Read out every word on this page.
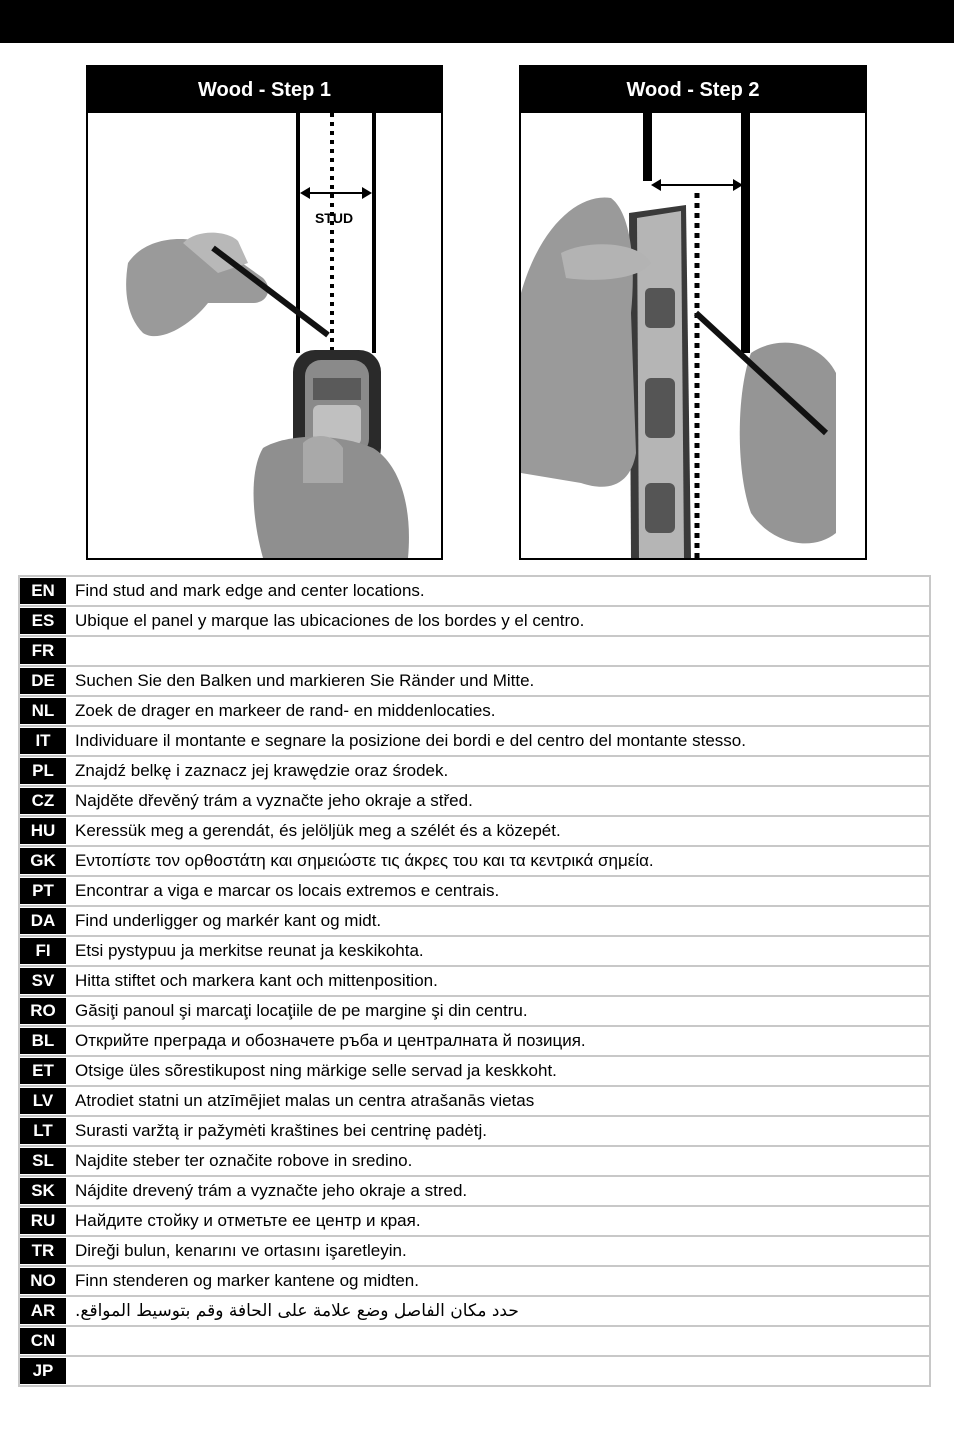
Wood - Step 1
STUD
Wood - Step 2
EN	Find stud and mark edge and center locations.
ES	Ubique el panel y marque las ubicaciones de los bordes y el centro.
FR
DE	Suchen Sie den Balken und markieren Sie Ränder und Mitte.
NL	Zoek de drager en markeer de rand- en middenlocaties.
IT	Individuare il montante e segnare la posizione dei bordi e del centro del montante stesso.
PL	Znajdź belkę i zaznacz jej krawędzie oraz środek.
CZ	Najděte dřevěný trám a vyznačte jeho okraje a střed.
HU	Keressük meg a gerendát, és jelöljük meg a szélét és a közepét.
GK	Εντοπίστε τον ορθοστάτη και σημειώστε τις άκρες του και τα κεντρικά σημεία.
PT	Encontrar a viga e marcar os locais extremos e centrais.
DA	Find underligger og markér kant og midt.
FI	Etsi pystypuu ja merkitse reunat ja keskikohta.
SV	Hitta stiftet och markera kant och mittenposition.
RO	Găsiţi panoul şi marcaţi locaţiile de pe margine şi din centru.
BL	Открийте преграда и обозначете ръба и централната й позиция.
ET	Otsige üles sõrestikupost ning märkige selle servad ja keskkoht.
LV	Atrodiet statni un atzīmējiet malas un centra atrašanās vietas
LT	Surasti varžtą ir pažymėti kraštines bei centrinę padėtj.
SL	Najdite steber ter označite robove in sredino.
SK	Nájdite drevený trám a vyznačte jeho okraje a stred.
RU	Найдите стойку и отметьте ее центр и края.
TR	Direği bulun, kenarını ve ortasını işaretleyin.
NO	Finn stenderen og marker kantene og midten.
AR	حدد مكان الفاصل وضع علامة على الحافة وقم بتوسيط المواقع.
CN
JP
